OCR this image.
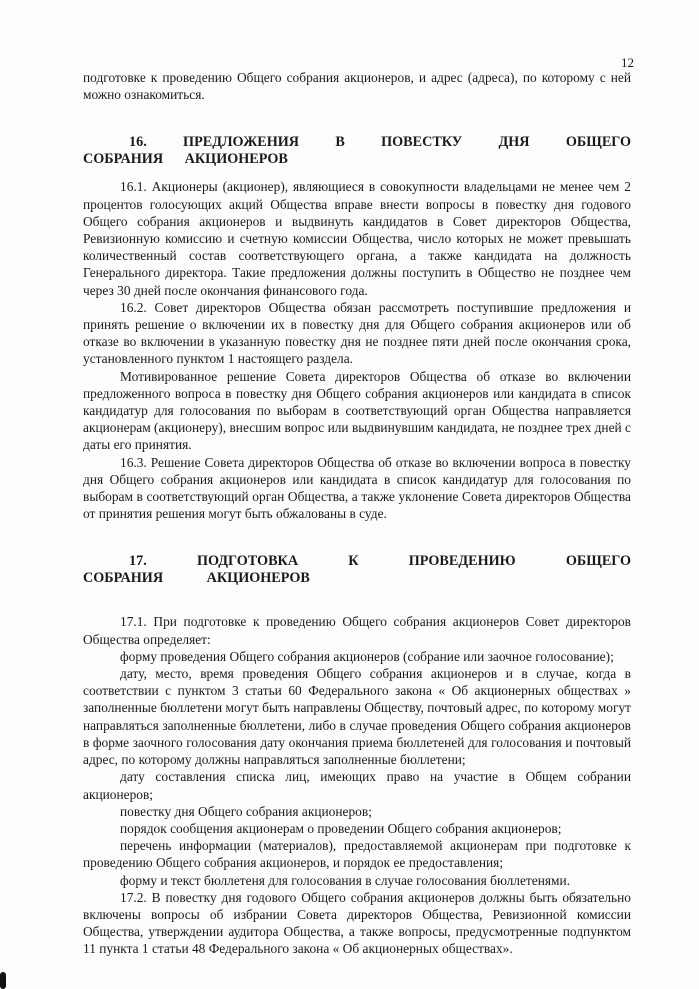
12

подготовке к проведению Общего собрания акционеров, и адрес (адреса), по которому с ней можно ознакомиться.

16. ПРЕДЛОЖЕНИЯ В ПОВЕСТКУ ДНЯ ОБЩЕГО СОБРАНИЯ АКЦИОНЕРОВ

16.1. Акционеры (акционер), являющиеся в совокупности владельцами не менее чем 2 процентов голосующих акций Общества вправе внести вопросы в повестку дня годового Общего собрания акционеров и выдвинуть кандидатов в Совет директоров Общества, Ревизионную комиссию и счетную комиссии Общества, число которых не может превышать количественный состав соответствующего органа, а также кандидата на должность Генерального директора. Такие предложения должны поступить в Общество не позднее чем через 30 дней после окончания финансового года.

16.2. Совет директоров Общества обязан рассмотреть поступившие предложения и принять решение о включении их в повестку дня для Общего собрания акционеров или об отказе во включении в указанную повестку дня не позднее пяти дней после окончания срока, установленного пунктом 1 настоящего раздела.

Мотивированное решение Совета директоров Общества об отказе во включении предложенного вопроса в повестку дня Общего собрания акционеров или кандидата в список кандидатур для голосования по выборам в соответствующий орган Общества направляется акционерам (акционеру), внесшим вопрос или выдвинувшим кандидата, не позднее трех дней с даты его принятия.

16.3. Решение Совета директоров Общества об отказе во включении вопроса в повестку дня Общего собрания акционеров или кандидата в список кандидатур для голосования по выборам в соответствующий орган Общества, а также уклонение Совета директоров Общества от принятия решения могут быть обжалованы в суде.

17. ПОДГОТОВКА К ПРОВЕДЕНИЮ ОБЩЕГО СОБРАНИЯ АКЦИОНЕРОВ

17.1. При подготовке к проведению Общего собрания акционеров Совет директоров Общества определяет:

форму проведения Общего собрания акционеров (собрание или заочное голосование);

дату, место, время проведения Общего собрания акционеров и в случае, когда в соответствии с пунктом 3 статьи 60 Федерального закона « Об акционерных обществах » заполненные бюллетени могут быть направлены Обществу, почтовый адрес, по которому могут направляться заполненные бюллетени, либо в случае проведения Общего собрания акционеров в форме заочного голосования дату окончания приема бюллетеней для голосования и почтовый адрес, по которому должны направляться заполненные бюллетени;

дату составления списка лиц, имеющих право на участие в Общем собрании акционеров;

повестку дня Общего собрания акционеров;

порядок сообщения акционерам о проведении Общего собрания акционеров;

перечень информации (материалов), предоставляемой акционерам при подготовке к проведению Общего собрания акционеров, и порядок ее предоставления;

форму и текст бюллетеня для голосования в случае голосования бюллетенями.

17.2. В повестку дня годового Общего собрания акционеров должны быть обязательно включены вопросы об избрании Совета директоров Общества, Ревизионной комиссии Общества, утверждении аудитора Общества, а также вопросы, предусмотренные подпунктом 11 пункта 1 статьи 48 Федерального закона « Об акционерных обществах».
